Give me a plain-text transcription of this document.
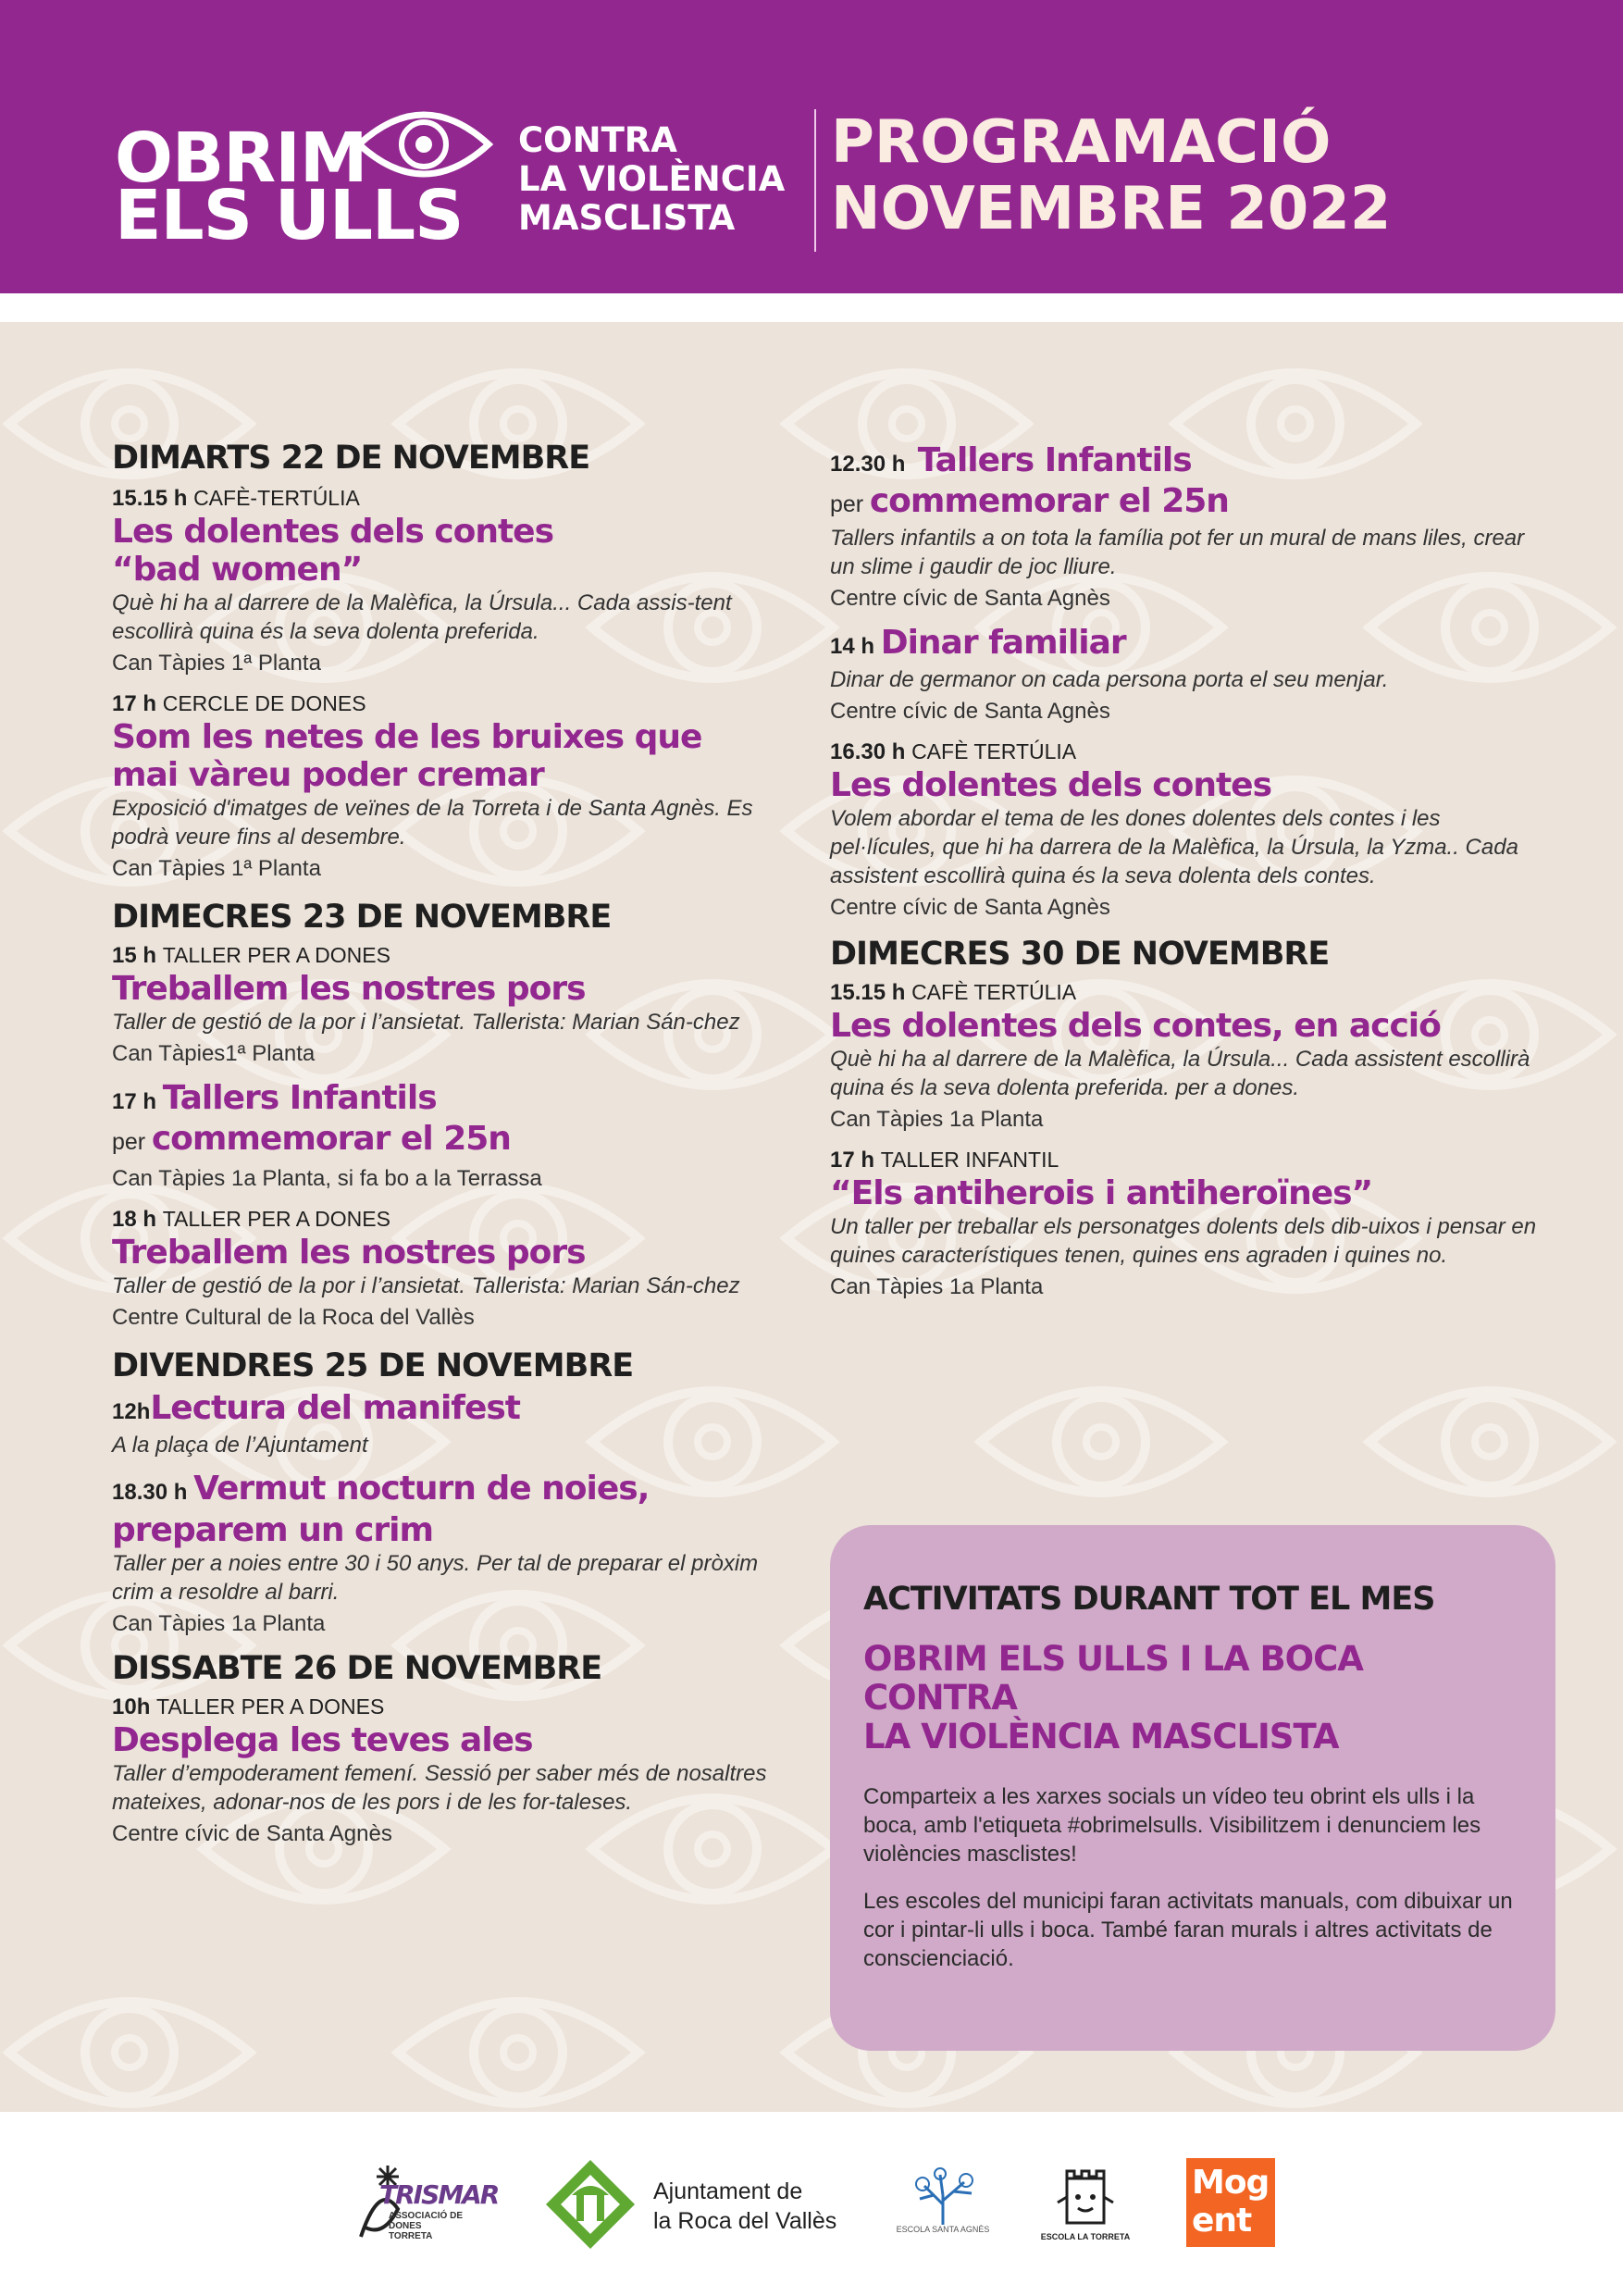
OBRIM
ELS ULLS
CONTRA
LA VIOLÈNCIA
MASCLISTA
PROGRAMACIÓ
NOVEMBRE 2022
DIMARTS 22 DE NOVEMBRE
15.15 h CAFÈ-TERTÚLIA
Les dolentes dels contes
“bad women”
Què hi ha al darrere de la Malèfica, la Úrsula... Cada assis-tent escollirà quina és la seva dolenta preferida.
Can Tàpies 1ª Planta
17 h CERCLE DE DONES
Som les netes de les bruixes que
mai vàreu poder cremar
Exposició d'imatges de veïnes de la Torreta i de Santa Agnès. Es podrà veure fins al desembre.
Can Tàpies 1ª Planta
DIMECRES 23 DE NOVEMBRE
15 h TALLER PER A DONES
Treballem les nostres pors
Taller de gestió de la por i l’ansietat. Tallerista: Marian Sán-chez
Can Tàpies1ª Planta
17 h Tallers Infantils
per commemorar el 25n
Can Tàpies 1a Planta, si fa bo a la Terrassa
18 h TALLER PER A DONES
Treballem les nostres pors
Taller de gestió de la por i l’ansietat. Tallerista: Marian Sán-chez
Centre Cultural de la Roca del Vallès
DIVENDRES 25 DE NOVEMBRE
12hLectura del manifest
A la plaça de l’Ajuntament
18.30 h Vermut nocturn de noies,
preparem un crim
Taller per a noies entre 30 i 50 anys. Per tal de preparar el pròxim crim a resoldre al barri.
Can Tàpies 1a Planta
DISSABTE 26 DE NOVEMBRE
10h TALLER PER A DONES
Desplega les teves ales
Taller d’empoderament femení. Sessió per saber més de nosaltres mateixes, adonar-nos de les pors i de les for-taleses.
Centre cívic de Santa Agnès
12.30 h Tallers Infantils
per commemorar el 25n
Tallers infantils a on tota la família pot fer un mural de mans liles, crear un slime i gaudir de joc lliure.
Centre cívic de Santa Agnès
14 h Dinar familiar
Dinar de germanor on cada persona porta el seu menjar.
Centre cívic de Santa Agnès
16.30 h CAFÈ TERTÚLIA
Les dolentes dels contes
Volem abordar el tema de les dones dolentes dels contes i les pel·lícules, que hi ha darrera de la Malèfica, la Úrsula, la Yzma.. Cada assistent escollirà quina és la seva dolenta dels contes.
Centre cívic de Santa Agnès
DIMECRES 30 DE NOVEMBRE
15.15 h CAFÈ TERTÚLIA
Les dolentes dels contes, en acció
Què hi ha al darrere de la Malèfica, la Úrsula... Cada assistent escollirà quina és la seva dolenta preferida. per a dones.
Can Tàpies 1a Planta
17 h TALLER INFANTIL
“Els antiherois i antiheroïnes”
Un taller per treballar els personatges dolents dels dib-uixos i pensar en quines característiques tenen, quines ens agraden i quines no.
Can Tàpies 1a Planta
ACTIVITATS DURANT TOT EL MES
OBRIM ELS ULLS I LA BOCA
CONTRA
LA VIOLÈNCIA MASCLISTA
Comparteix a les xarxes socials un vídeo teu obrint els ulls i la boca, amb l'etiqueta #obrimelsulls. Visibilitzem i denunciem les violències masclistes!
Les escoles del municipi faran activitats manuals, com dibuixar un cor i pintar-li ulls i boca. També faran murals i altres activitats de conscienciació.
TRISMAR
ASSOCIACIÓ DE DONES TORRETA
Ajuntament de
la Roca del Vallès	ESCOLA SANTA AGNÈS
ESCOLA LA TORRETA
Mog
ent
